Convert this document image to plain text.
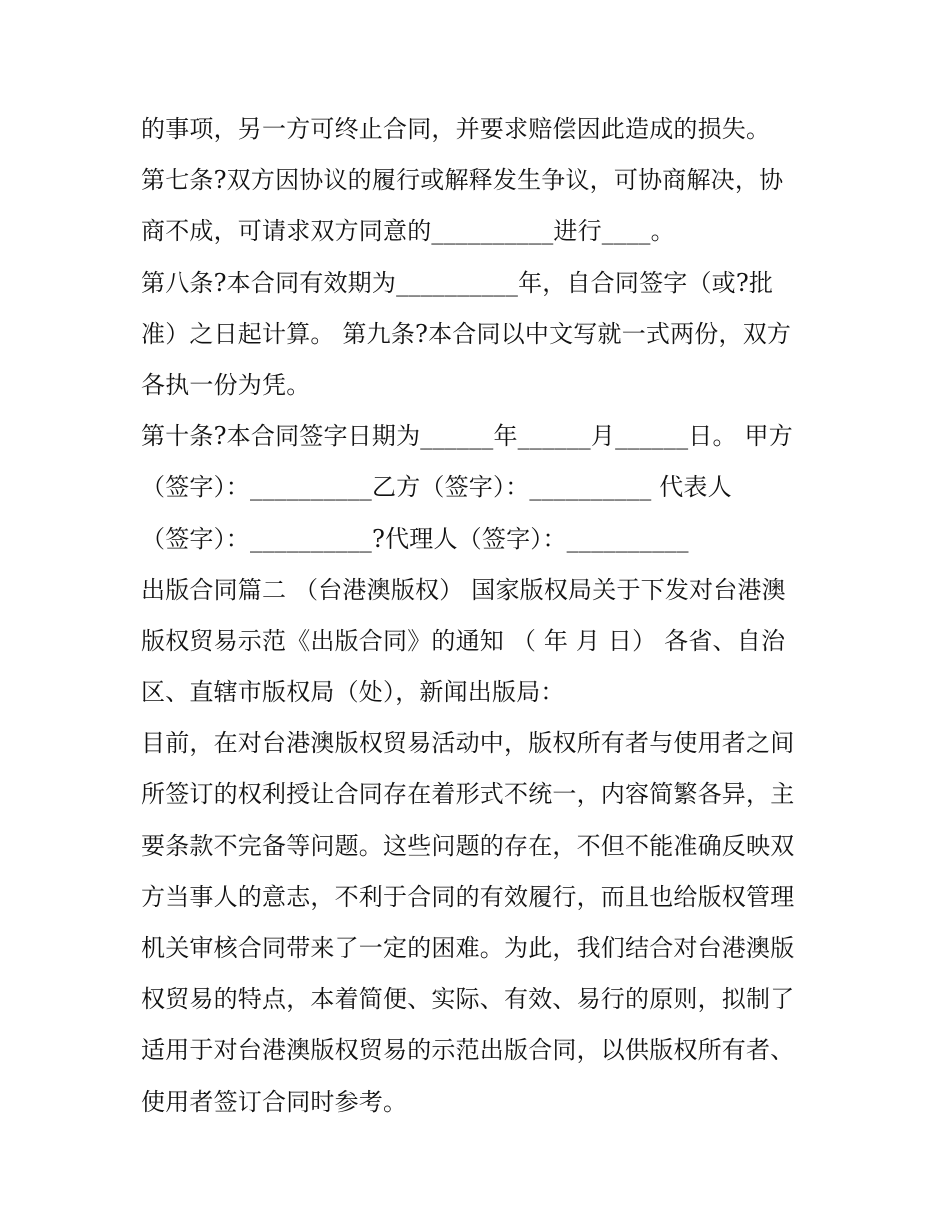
的事项，另一方可终止合同，并要求赔偿因此造成的损失。
第七条?双方因协议的履行或解释发生争议，可协商解决，协
商不成，可请求双方同意的__________进行____。
第八条?本合同有效期为__________年，自合同签字（或?批
准）之日起计算。 第九条?本合同以中文写就一式两份，双方
各执一份为凭。
第十条?本合同签字日期为______年______月______日。 甲方
（签字）：__________乙方（签字）：__________ 代表人
（签字）：__________?代理人（签字）：__________
出版合同篇二 （台港澳版权） 国家版权局关于下发对台港澳
版权贸易示范《出版合同》的通知 （ 年 月 日） 各省、自治
区、直辖市版权局（处），新闻出版局：
目前，在对台港澳版权贸易活动中，版权所有者与使用者之间
所签订的权利授让合同存在着形式不统一，内容简繁各异，主
要条款不完备等问题。这些问题的存在，不但不能准确反映双
方当事人的意志，不利于合同的有效履行，而且也给版权管理
机关审核合同带来了一定的困难。为此，我们结合对台港澳版
权贸易的特点，本着简便、实际、有效、易行的原则，拟制了
适用于对台港澳版权贸易的示范出版合同，以供版权所有者、
使用者签订合同时参考。
